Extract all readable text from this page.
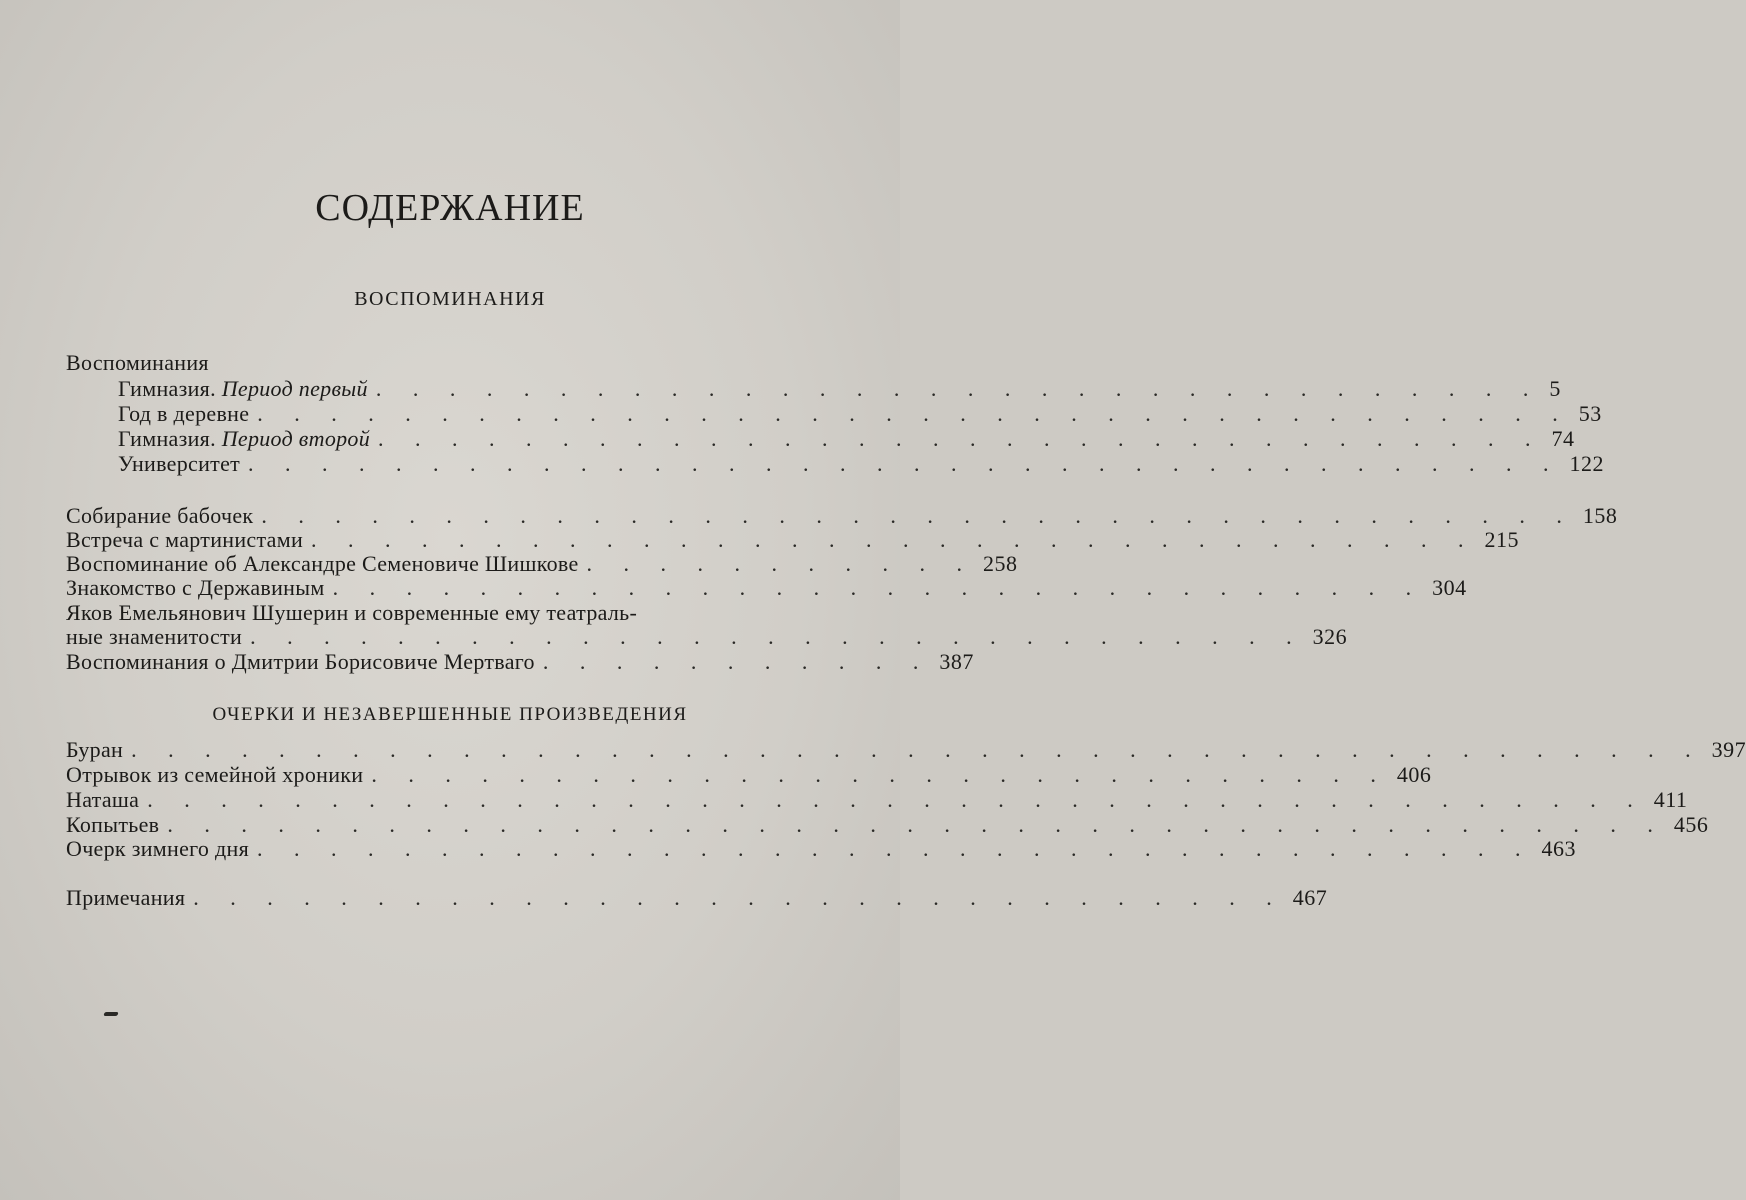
СОДЕРЖАНИЕ
ВОСПОМИНАНИЯ
Воспоминания
Гимназия. Период первый . . . . . . . . . . . . . . . . . . . . . . . . . . . . . . . . 5
Год в деревне . . . . . . . . . . . . . . . . . . . . . . . . . . . . . . . . . . . . 53
Гимназия. Период второй . . . . . . . . . . . . . . . . . . . . . . . . . . . . . . . . 74
Университет . . . . . . . . . . . . . . . . . . . . . . . . . . . . . . . . . . . . 122
Собирание бабочек . . . . . . . . . . . . . . . . . . . . . . . . . . . . . . . . . . . . 158
Встреча с мартинистами . . . . . . . . . . . . . . . . . . . . . . . . . . . . . . . . 215
Воспоминание об Александре Семеновиче Шишкове . . . . . . . . . . . 258
Знакомство с Державиным . . . . . . . . . . . . . . . . . . . . . . . . . . . . . . 304
Яков Емельянович Шушерин и современные ему театраль-
ные знаменитости . . . . . . . . . . . . . . . . . . . . . . . . . . . . . 326
Воспоминания о Дмитрии Борисовиче Мертваго . . . . . . . . . . . 387
ОЧЕРКИ И НЕЗАВЕРШЕННЫЕ ПРОИЗВЕДЕНИЯ
Буран . . . . . . . . . . . . . . . . . . . . . . . . . . . . . . . . . . . . . . . . . . . 397
Отрывок из семейной хроники . . . . . . . . . . . . . . . . . . . . . . . . . . . . 406
Наташа . . . . . . . . . . . . . . . . . . . . . . . . . . . . . . . . . . . . . . . . . 411
Копытьев . . . . . . . . . . . . . . . . . . . . . . . . . . . . . . . . . . . . . . . . . 456
Очерк зимнего дня . . . . . . . . . . . . . . . . . . . . . . . . . . . . . . . . . . . 463
Примечания . . . . . . . . . . . . . . . . . . . . . . . . . . . . . . 467
